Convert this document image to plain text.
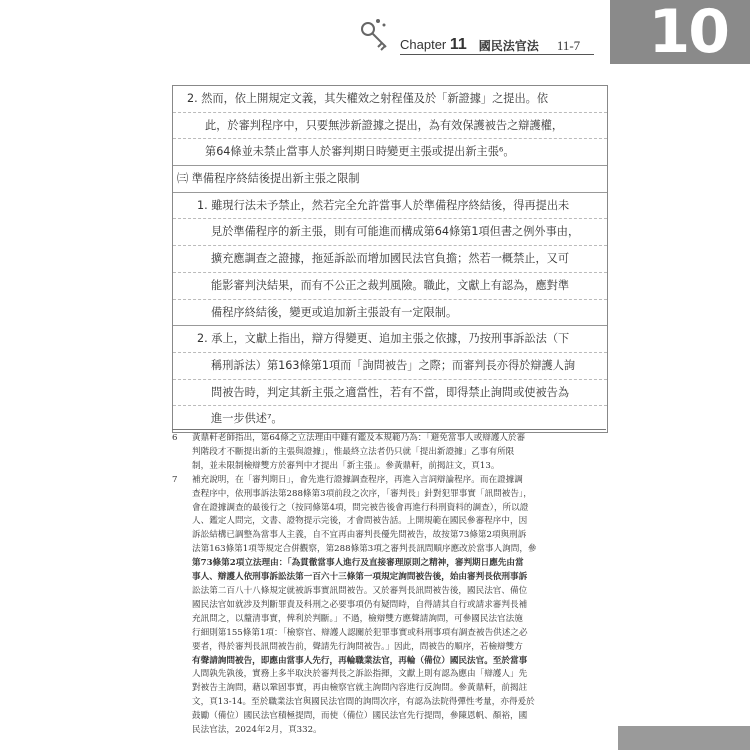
10
Chapter 11 國民法官法 11-7
2. 然而，依上開規定文義，其失權效之射程僅及於「新證據」之提出。依
此，於審判程序中，只要無涉新證據之提出，為有效保護被告之辯護權，
第64條並未禁止當事人於審判期日時變更主張或提出新主張⁶。
㈢ 準備程序終結後提出新主張之限制
1. 雖現行法未予禁止，然若完全允許當事人於準備程序終結後，得再提出未
見於準備程序的新主張，則有可能進而構成第64條第1項但書之例外事由，
擴充應調查之證據，拖延訴訟而增加國民法官負擔；然若一概禁止，又可
能影審判決結果，而有不公正之裁判風險。職此，文獻上有認為，應對準
備程序終結後，變更或追加新主張設有一定限制。
2. 承上，文獻上指出，辯方得變更、追加主張之依據，乃按刑事訴訟法（下
稱刑訴法）第163條第1項而「詢問被告」之際；而審判長亦得於辯護人詢
問被告時，判定其新主張之適當性，若有不當，即得禁止詢問或使被告為
進一步供述⁷。
6 黃鼎軒老師指出，第64條之立法理由中雖有鑑及本規範乃為：「避免當事人或辯護人於審
判階段才不斷提出新的主張與證據」，惟最終立法者仍只就「提出新證據」乙事有所限
制，並未限制檢辯雙方於審判中才提出「新主張」。參黃鼎軒，前揭註文，頁13。
7 補充說明，在「審判期日」，會先進行證據調查程序，再進入言詞辯論程序。而在證據調
查程序中，依刑事訴法第288條第3項前段之次序，「審判長」針對犯罪事實「訊問被告」，
會在證據調查的最後行之（按同條第4項，問完被告後會再進行科刑資料的調查），所以證
人、鑑定人問完，文書、證物提示完後，才會問被告話。上開規範在國民參審程序中，因
訴訟結構已調整為當事人主義，自不宜再由審判長優先問被告，故按第73條第2項與刑訴
法第163條第1項等規定合併觀察，第288條第3項之審判長訊問順序應改於當事人詢問，參
第73條第2項立法理由：「為貫徹當事人進行及直接審理原則之精神，審判期日應先由當
事人、辯護人依刑事訴訟法第一百六十三條第一項規定詢問被告後，始由審判長依刑事訴
訟法第二百八十八條規定就被訴事實訊問被告。又於審判長訊問被告後，國民法官、備位
國民法官如就涉及判斷罪責及科刑之必要事項仍有疑問時，自得請其自行或請求審判長補
充訊問之，以釐清事實，俾利於判斷。」不過，檢辯雙方應聲請詢問，可參國民法官法施
行細則第155條第1項：「檢察官、辯護人認關於犯罪事實或科刑事項有調查被告供述之必
要者，得於審判長訊問被告前，聲請先行詢問被告。」因此，問被告的順序，若檢辯雙方
有聲請詢問被告，即應由當事人先行，再輪職業法官，再輪（備位）國民法官。至於當事
人間孰先孰後，實務上多半取決於審判長之訴訟指揮，文獻上則有認為應由「辯護人」先
對被告主詢問，藉以鞏固事實，再由檢察官就主詢問內容進行反詢問。參黃鼎軒，前揭註
文，頁13-14。至於職業法官與國民法官間的詢問次序，有認為法院得彈性考量，亦得爰於
鼓勵（備位）國民法官積極提問，而使（備位）國民法官先行提問，參陳恩帆、顏裕，國
民法官法，2024年2月，頁332。
